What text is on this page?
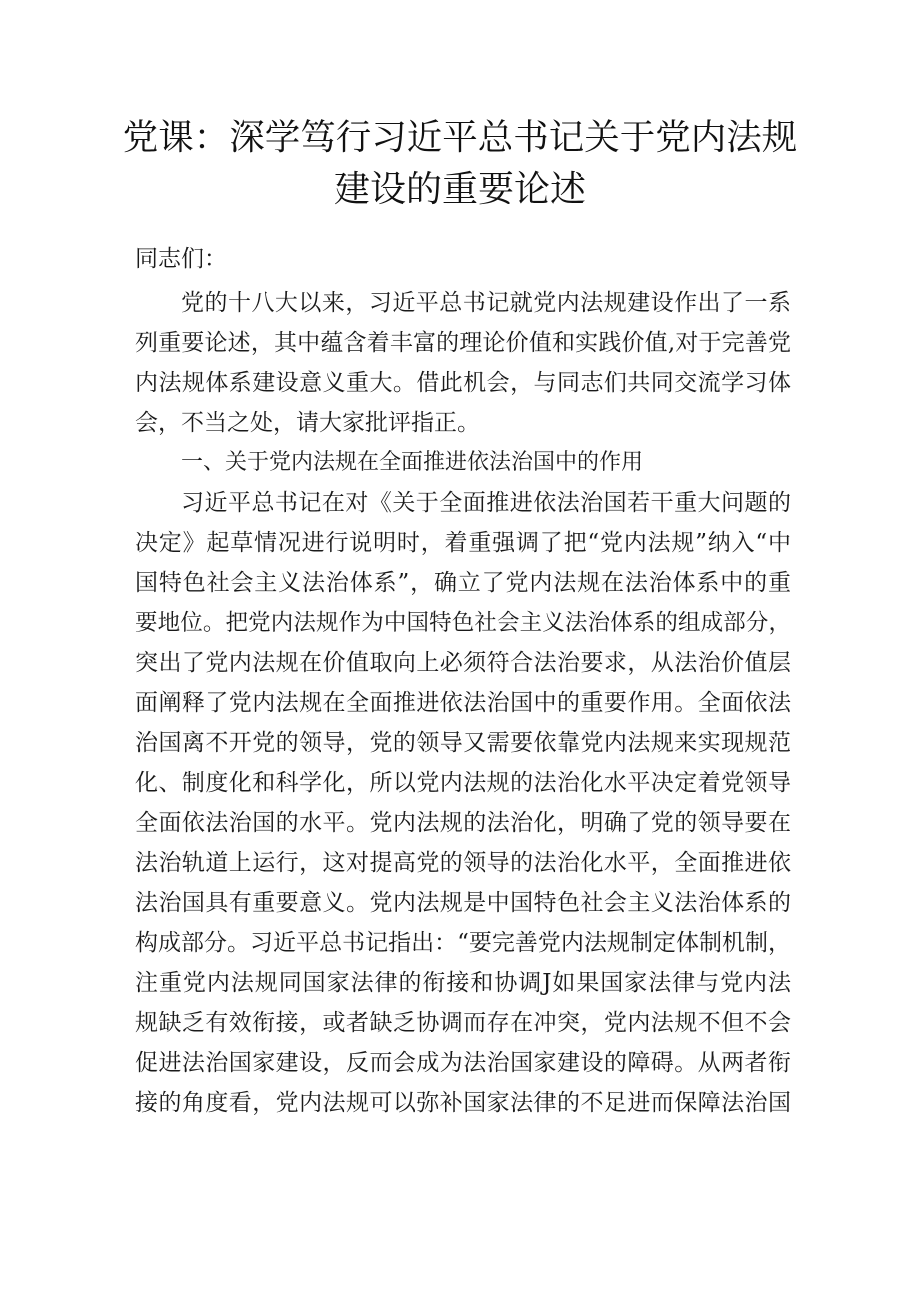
党课：深学笃行习近平总书记关于党内法规
建设的重要论述
同志们：
党的十八大以来，习近平总书记就党内法规建设作出了一系
列重要论述，其中蕴含着丰富的理论价值和实践价值,对于完善党
内法规体系建设意义重大。借此机会，与同志们共同交流学习体
会，不当之处，请大家批评指正。
一、关于党内法规在全面推进依法治国中的作用
习近平总书记在对《关于全面推进依法治国若干重大问题的
决定》起草情况进行说明时，着重强调了把“党内法规”纳入“中
国特色社会主义法治体系”，确立了党内法规在法治体系中的重
要地位。把党内法规作为中国特色社会主义法治体系的组成部分，
突出了党内法规在价值取向上必须符合法治要求，从法治价值层
面阐释了党内法规在全面推进依法治国中的重要作用。全面依法
治国离不开党的领导，党的领导又需要依靠党内法规来实现规范
化、制度化和科学化，所以党内法规的法治化水平决定着党领导
全面依法治国的水平。党内法规的法治化，明确了党的领导要在
法治轨道上运行，这对提高党的领导的法治化水平，全面推进依
法治国具有重要意义。党内法规是中国特色社会主义法治体系的
构成部分。习近平总书记指出：“要完善党内法规制定体制机制，
注重党内法规同国家法律的衔接和协调J如果国家法律与党内法
规缺乏有效衔接，或者缺乏协调而存在冲突，党内法规不但不会
促进法治国家建设，反而会成为法治国家建设的障碍。从两者衔
接的角度看，党内法规可以弥补国家法律的不足进而保障法治国
